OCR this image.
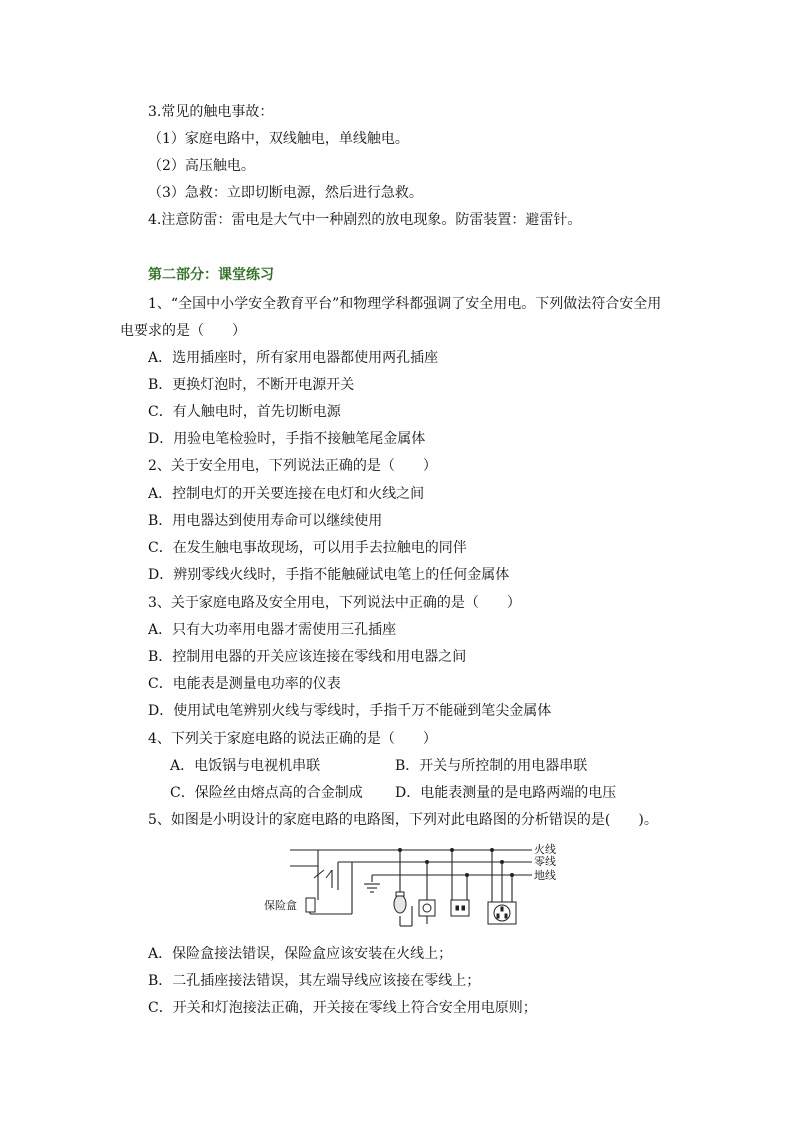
3.常见的触电事故：
（1）家庭电路中，双线触电，单线触电。
（2）高压触电。
（3）急救：立即切断电源，然后进行急救。
4.注意防雷：雷电是大气中一种剧烈的放电现象。防雷装置：避雷针。
第二部分：课堂练习
1、“全国中小学安全教育平台”和物理学科都强调了安全用电。下列做法符合安全用
电要求的是（　　）
A．选用插座时，所有家用电器都使用两孔插座
B．更换灯泡时，不断开电源开关
C．有人触电时，首先切断电源
D．用验电笔检验时，手指不接触笔尾金属体
2、关于安全用电，下列说法正确的是（　　）
A．控制电灯的开关要连接在电灯和火线之间
B．用电器达到使用寿命可以继续使用
C．在发生触电事故现场，可以用手去拉触电的同伴
D．辨别零线火线时，手指不能触碰试电笔上的任何金属体
3、关于家庭电路及安全用电，下列说法中正确的是（　　）
A．只有大功率用电器才需使用三孔插座
B．控制用电器的开关应该连接在零线和用电器之间
C．电能表是测量电功率的仪表
D．使用试电笔辨别火线与零线时，手指千万不能碰到笔尖金属体
4、下列关于家庭电路的说法正确的是（　　）
A．电饭锅与电视机串联	B．开关与所控制的用电器串联
C．保险丝由熔点高的合金制成 D．电能表测量的是电路两端的电压
5、如图是小明设计的家庭电路的电路图，下列对此电路图的分析错误的是(　　)。
火线
零线
地线
保险盒
A．保险盒接法错误，保险盒应该安装在火线上；
B．二孔插座接法错误，其左端导线应该接在零线上；
C．开关和灯泡接法正确，开关接在零线上符合安全用电原则；
